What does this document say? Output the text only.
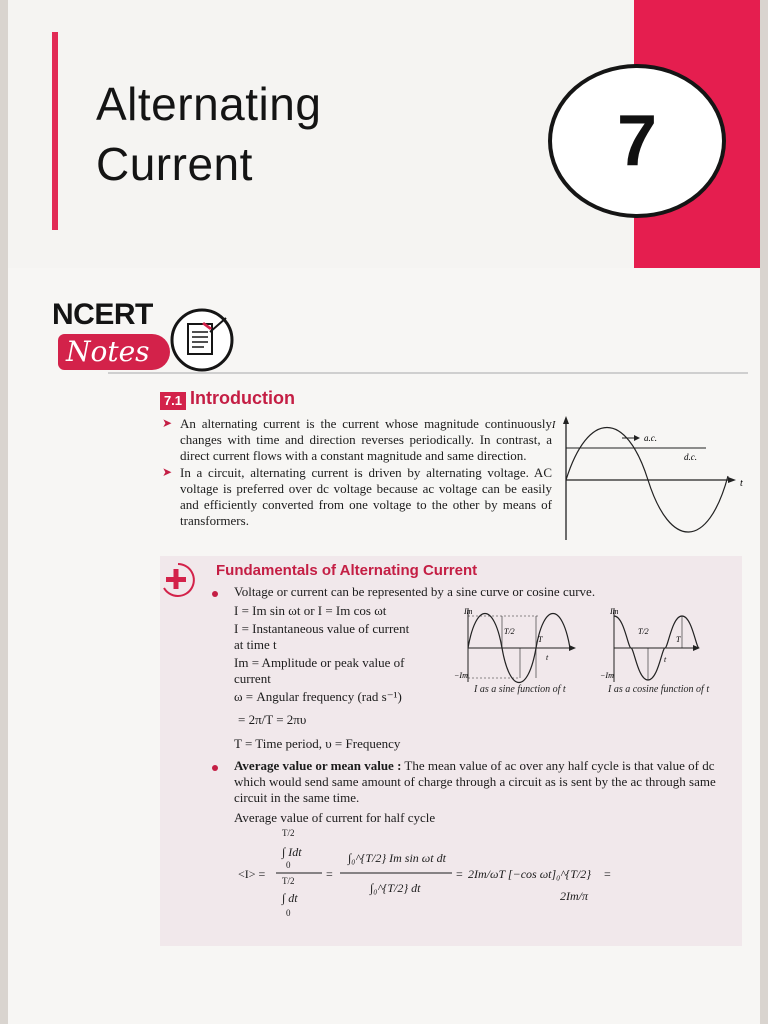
Alternating
Current	7
NCERT
Notes
7.1 Introduction
➤ An alternating current is the current whose magnitude continuously changes with time and direction reverses periodically. In contrast, a direct current flows with a constant magnitude and same direction.
➤ In a circuit, alternating current is driven by alternating voltage. AC voltage is preferred over dc voltage because ac voltage can be easily and efficiently converted from one voltage to the other by means of transformers.
I
t
a.c.
d.c.
Fundamentals of Alternating Current
Voltage or current can be represented by a sine curve or cosine curve.
I = Im sin ωt or I = Im cos ωt
I = Instantaneous value of current
at time t
Im = Amplitude or peak value of
current
ω = Angular frequency (rad s⁻¹)
= 2π/T = 2πυ
T = Time period, υ = Frequency
Im
−Im
T/2
T
t
I as a sine function of t
Im
−Im
T/2
T
t
I as a cosine function of t
Average value or mean value : The mean value of ac over any half cycle is that value of dc which would send same amount of charge through a circuit as is sent by the ac through same circuit in the same time.
Average value of current for half cycle
<I> =
T/2
∫ Idt
0
T/2
∫ dt
0
=
∫₀^{T/2} Im sin ωt dt
∫₀^{T/2} dt
= 2Im/ωT [−cos ωt]₀^{T/2} =
2Im/π
